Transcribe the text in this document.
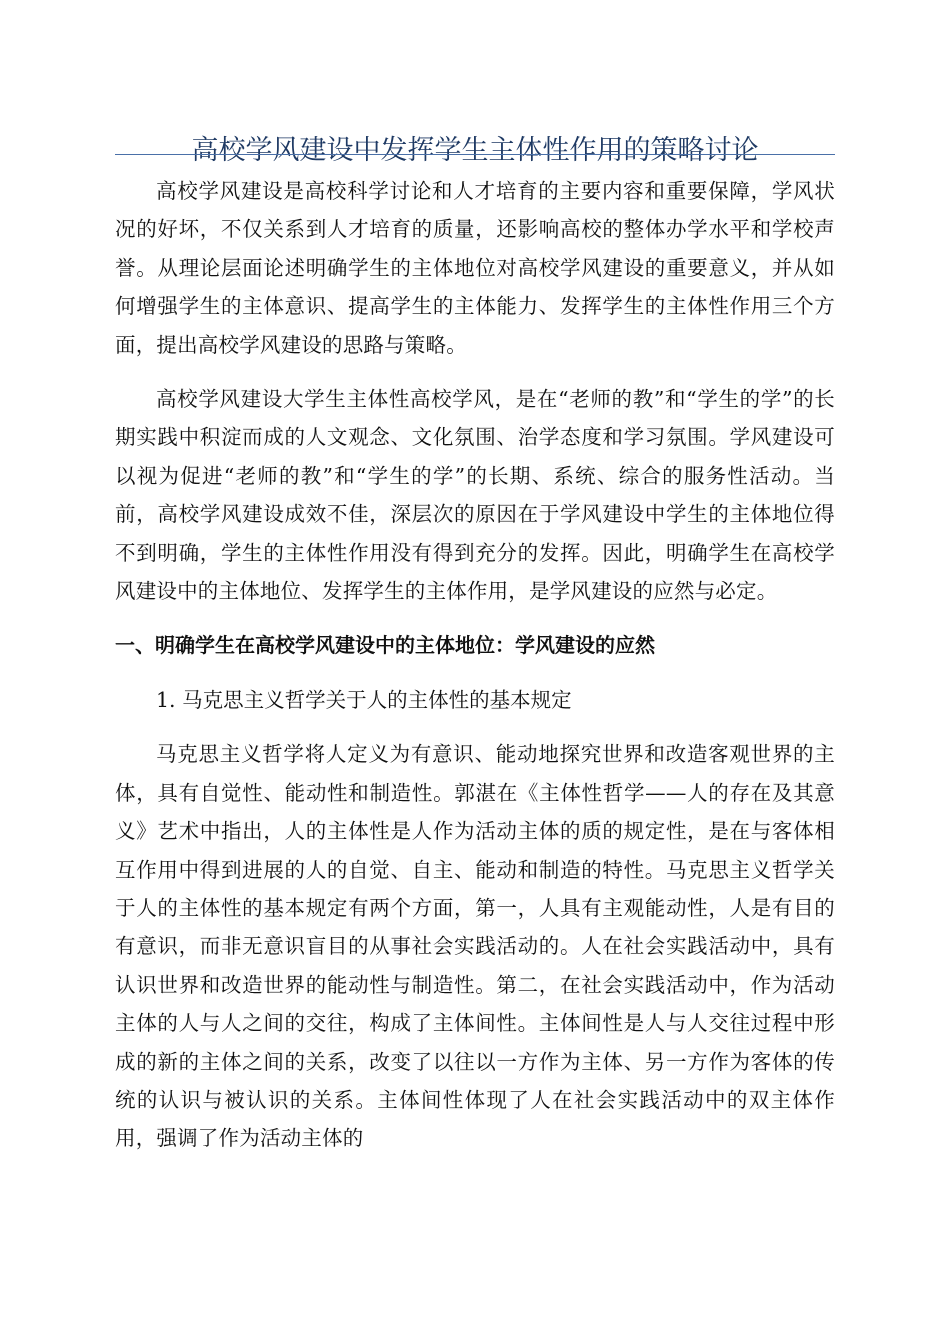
高校学风建设中发挥学生主体性作用的策略讨论

高校学风建设是高校科学讨论和人才培育的主要内容和重要保障，学风状况的好坏，不仅关系到人才培育的质量，还影响高校的整体办学水平和学校声誉。从理论层面论述明确学生的主体地位对高校学风建设的重要意义，并从如何增强学生的主体意识、提高学生的主体能力、发挥学生的主体性作用三个方面，提出高校学风建设的思路与策略。

高校学风建设大学生主体性高校学风，是在“老师的教”和“学生的学”的长期实践中积淀而成的人文观念、文化氛围、治学态度和学习氛围。学风建设可以视为促进“老师的教”和“学生的学”的长期、系统、综合的服务性活动。当前，高校学风建设成效不佳，深层次的原因在于学风建设中学生的主体地位得不到明确，学生的主体性作用没有得到充分的发挥。因此，明确学生在高校学风建设中的主体地位、发挥学生的主体作用，是学风建设的应然与必定。

一、明确学生在高校学风建设中的主体地位：学风建设的应然

1. 马克思主义哲学关于人的主体性的基本规定

马克思主义哲学将人定义为有意识、能动地探究世界和改造客观世界的主体，具有自觉性、能动性和制造性。郭湛在《主体性哲学——人的存在及其意义》艺术中指出，人的主体性是人作为活动主体的质的规定性，是在与客体相互作用中得到进展的人的自觉、自主、能动和制造的特性。马克思主义哲学关于人的主体性的基本规定有两个方面，第一，人具有主观能动性，人是有目的有意识，而非无意识盲目的从事社会实践活动的。人在社会实践活动中，具有认识世界和改造世界的能动性与制造性。第二，在社会实践活动中，作为活动主体的人与人之间的交往，构成了主体间性。主体间性是人与人交往过程中形成的新的主体之间的关系，改变了以往以一方作为主体、另一方作为客体的传统的认识与被认识的关系。主体间性体现了人在社会实践活动中的双主体作用，强调了作为活动主体的
